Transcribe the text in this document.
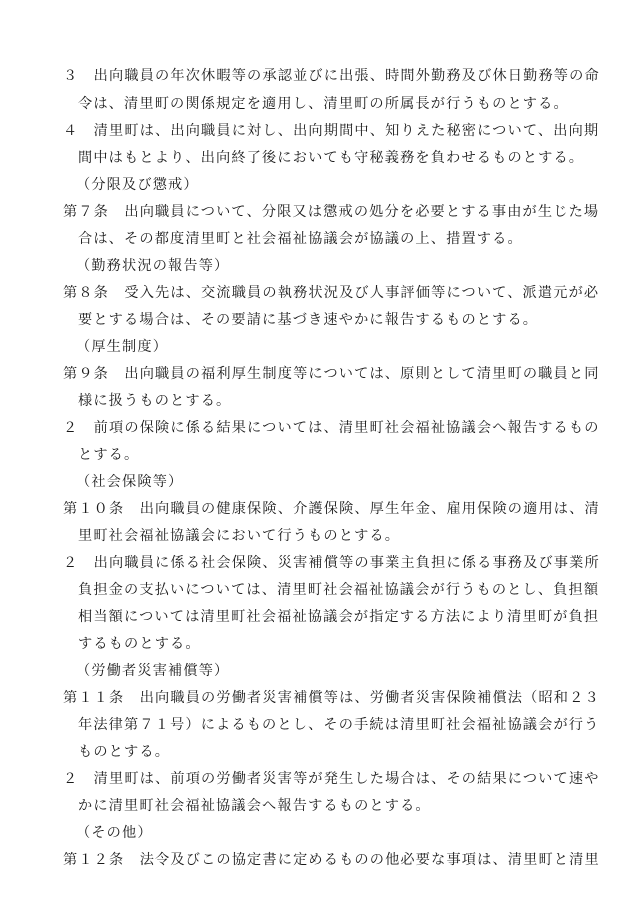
３　出向職員の年次休暇等の承認並びに出張、時間外勤務及び休日勤務等の命
令は、清里町の関係規定を適用し、清里町の所属長が行うものとする。
４　清里町は、出向職員に対し、出向期間中、知りえた秘密について、出向期
間中はもとより、出向終了後においても守秘義務を負わせるものとする。
（分限及び懲戒）
第７条　出向職員について、分限又は懲戒の処分を必要とする事由が生じた場
合は、その都度清里町と社会福祉協議会が協議の上、措置する。
（勤務状況の報告等）
第８条　受入先は、交流職員の執務状況及び人事評価等について、派遣元が必
要とする場合は、その要請に基づき速やかに報告するものとする。
（厚生制度）
第９条　出向職員の福利厚生制度等については、原則として清里町の職員と同
様に扱うものとする。
２　前項の保険に係る結果については、清里町社会福祉協議会へ報告するもの
とする。
（社会保険等）
第１０条　出向職員の健康保険、介護保険、厚生年金、雇用保険の適用は、清
里町社会福祉協議会において行うものとする。
２　出向職員に係る社会保険、災害補償等の事業主負担に係る事務及び事業所
負担金の支払いについては、清里町社会福祉協議会が行うものとし、負担額
相当額については清里町社会福祉協議会が指定する方法により清里町が負担
するものとする。
（労働者災害補償等）
第１１条　出向職員の労働者災害補償等は、労働者災害保険補償法（昭和２３
年法律第７１号）によるものとし、その手続は清里町社会福祉協議会が行う
ものとする。
２　清里町は、前項の労働者災害等が発生した場合は、その結果について速や
かに清里町社会福祉協議会へ報告するものとする。
（その他）
第１２条　法令及びこの協定書に定めるものの他必要な事項は、清里町と清里
